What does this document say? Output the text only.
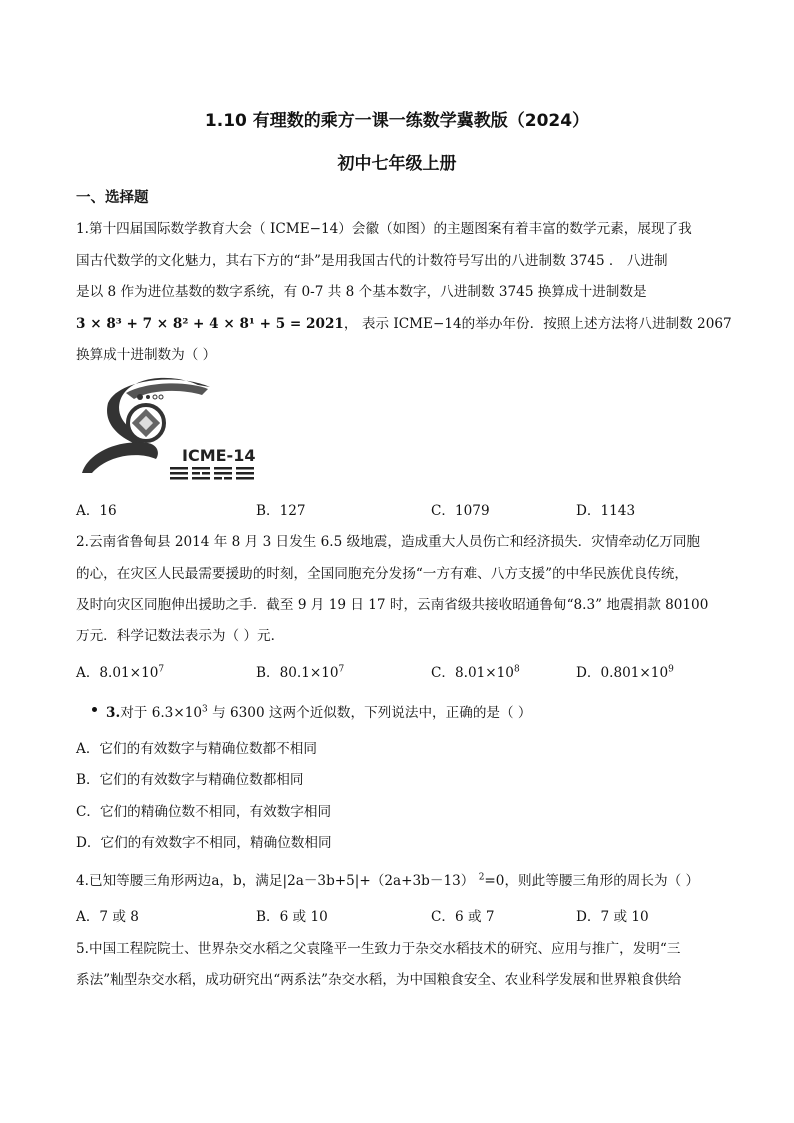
1.10 有理数的乘方一课一练数学冀教版（2024）
初中七年级上册
一、选择题
1.第十四届国际数学教育大会（ ICME−14）会徽（如图）的主题图案有着丰富的数学元素，展现了我
国古代数学的文化魅力，其右下方的“卦”是用我国古代的计数符号写出的八进制数 3745 ． 八进制
是以 8 作为进位基数的数字系统，有 0-7 共 8 个基本数字，八进制数 3745 换算成十进制数是
3 × 8³ + 7 × 8² + 4 × 8¹ + 5 = 2021， 表示 ICME−14的举办年份．按照上述方法将八进制数 2067
换算成十进制数为（ ）
ICME-14
A．16	B．127	C．1079	D．1143
2.云南省鲁甸县 2014 年 8 月 3 日发生 6.5 级地震，造成重大人员伤亡和经济损失．灾情牵动亿万同胞
的心，在灾区人民最需要援助的时刻，全国同胞充分发扬“一方有难、八方支援”的中华民族优良传统，
及时向灾区同胞伸出援助之手．截至 9 月 19 日 17 时，云南省级共接收昭通鲁甸“8.3” 地震捐款 80100
万元．科学记数法表示为（ ）元．
A．$8.01\times 10^7$	B．$80.1\times 10^7$	C．$8.01\times 10^8$	D．$0.801\times 10^9$
3.对于 $6.3\times 10^3$ 与 6300 这两个近似数，下列说法中，正确的是（ ）
A．它们的有效数字与精确位数都不相同
B．它们的有效数字与精确位数都相同
C．它们的精确位数不相同，有效数字相同
D．它们的有效数字不相同，精确位数相同
4.已知等腰三角形两边a，b，满足|2a－3b+5|+（2a+3b－13） $^2$=0，则此等腰三角形的周长为（ ）
A．7 或 8	B．6 或 10	C．6 或 7	D．7 或 10
5.中国工程院院士、世界杂交水稻之父袁隆平一生致力于杂交水稻技术的研究、应用与推广，发明“三
系法”籼型杂交水稻，成功研究出“两系法”杂交水稻，为中国粮食安全、农业科学发展和世界粮食供给
